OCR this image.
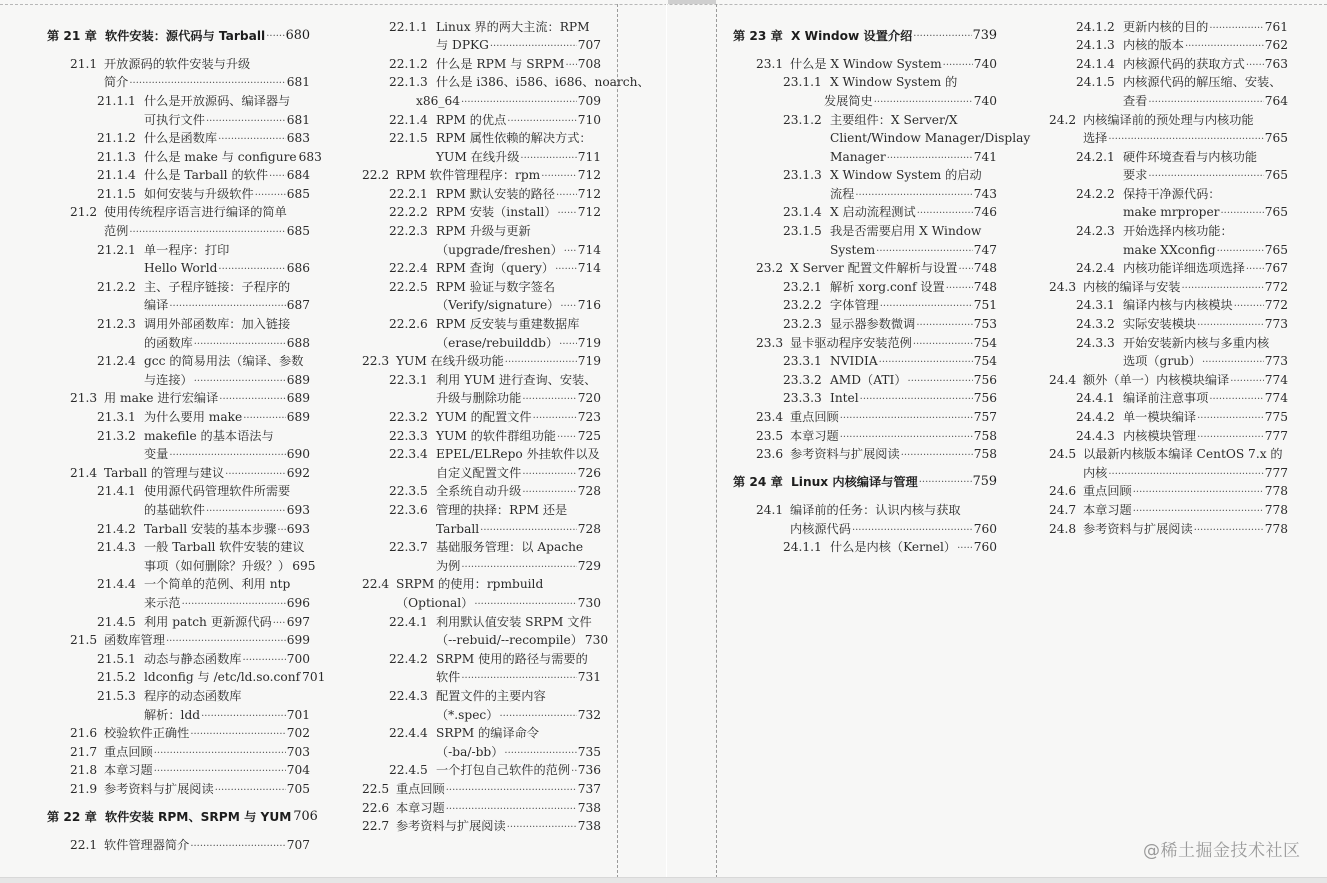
第 21 章 软件安装：源代码与 Tarball ····· 680
21.1 开放源码的软件安装与升级
简介 ·····	681
21.1.1 什么是开放源码、编译器与
可执行文件 ·····	681
21.1.2 什么是函数库 ·····	683
21.1.3 什么是 make 与 configure 683
21.1.4 什么是 Tarball 的软件 ····· 684
21.1.5 如何安装与升级软件 ·····	685
21.2 使用传统程序语言进行编译的简单
范例 ·····	685
21.2.1 单一程序：打印
Hello World ·····	686
21.2.2 主、子程序链接：子程序的
编译 ·····	687
21.2.3 调用外部函数库：加入链接
的函数库 ·····	688
21.2.4 gcc 的简易用法（编译、参数
与连接） ·····	689
21.3 用 make 进行宏编译 ·····	689
21.3.1 为什么要用 make ·····	689
21.3.2 makefile 的基本语法与
变量 ·····	690
21.4 Tarball 的管理与建议 ·····	692
21.4.1 使用源代码管理软件所需要
的基础软件 ·····	693
21.4.2 Tarball 安装的基本步骤 ····· 693
21.4.3 一般 Tarball 软件安装的建议
事项（如何删除？升级？） 695
21.4.4 一个简单的范例、利用 ntp
来示范 ·····	696
21.4.5 利用 patch 更新源代码 ····· 697
21.5 函数库管理 ·····	699
21.5.1 动态与静态函数库 ·····	700
21.5.2 ldconfig 与 /etc/ld.so.conf 701
21.5.3 程序的动态函数库
解析：ldd ·····	701
21.6 校验软件正确性 ·····	702
21.7 重点回顾 ·····	703
21.8 本章习题 ·····	704
21.9 参考资料与扩展阅读 ·····	705
第 22 章 软件安装 RPM、SRPM 与 YUM 706
22.1 软件管理器简介 ·····	707
22.1.1 Linux 界的两大主流：RPM
与 DPKG ·····	707
22.1.2 什么是 RPM 与 SRPM ····· 708
22.1.3 什么是 i386、i586、i686、noarch、
x86_64 ·····	709
22.1.4 RPM 的优点 ·····	710
22.1.5 RPM 属性依赖的解决方式：
YUM 在线升级 ·····	711
22.2 RPM 软件管理程序：rpm ·····	712
22.2.1 RPM 默认安装的路径 ····· 712
22.2.2 RPM 安装（install） ····· 712
22.2.3 RPM 升级与更新
（upgrade/freshen） ····· 714
22.2.4 RPM 查询（query） ····· 714
22.2.5 RPM 验证与数字签名
（Verify/signature） ····· 716
22.2.6 RPM 反安装与重建数据库
（erase/rebuilddb） ····· 719
22.3 YUM 在线升级功能 ·····	719
22.3.1 利用 YUM 进行查询、安装、
升级与删除功能 ·····	720
22.3.2 YUM 的配置文件 ·····	723
22.3.3 YUM 的软件群组功能 ····· 725
22.3.4 EPEL/ELRepo 外挂软件以及
自定义配置文件 ·····	726
22.3.5 全系统自动升级 ·····	728
22.3.6 管理的抉择：RPM 还是
Tarball ·····	728
22.3.7 基础服务管理：以 Apache
为例 ·····	729
22.4 SRPM 的使用：rpmbuild
（Optional） ·····	730
22.4.1 利用默认值安装 SRPM 文件
（--rebuid/--recompile） 730
22.4.2 SRPM 使用的路径与需要的
软件 ·····	731
22.4.3 配置文件的主要内容
（*.spec） ·····	732
22.4.4 SRPM 的编译命令
（-ba/-bb） ·····	735
22.4.5 一个打包自己软件的范例 ····· 736
22.5 重点回顾 ·····	737
22.6 本章习题 ·····	738
22.7 参考资料与扩展阅读 ·····	738
第 23 章 X Window 设置介绍 ·····	739
23.1 什么是 X Window System ·····	740
23.1.1 X Window System 的
发展简史 ·····	740
23.1.2 主要组件：X Server/X
Client/Window Manager/Display
Manager ·····	741
23.1.3 X Window System 的启动
流程 ·····	743
23.1.4 X 启动流程测试 ·····	746
23.1.5 我是否需要启用 X Window
System ·····	747
23.2 X Server 配置文件解析与设置 ····· 748
23.2.1 解析 xorg.conf 设置 ····· 748
23.2.2 字体管理 ·····	751
23.2.3 显示器参数微调 ·····	753
23.3 显卡驱动程序安装范例 ·····	754
23.3.1 NVIDIA ·····	754
23.3.2 AMD（ATI） ·····	756
23.3.3 Intel ·····	756
23.4 重点回顾 ·····	757
23.5 本章习题 ·····	758
23.6 参考资料与扩展阅读 ·····	758
第 24 章 Linux 内核编译与管理 ·····	759
24.1 编译前的任务：认识内核与获取
内核源代码 ·····	760
24.1.1 什么是内核（Kernel） ····· 760
24.1.2 更新内核的目的 ·····	761
24.1.3 内核的版本 ·····	762
24.1.4 内核源代码的获取方式 ····· 763
24.1.5 内核源代码的解压缩、安装、
查看 ·····	764
24.2 内核编译前的预处理与内核功能
选择 ·····	765
24.2.1 硬件环境查看与内核功能
要求 ·····	765
24.2.2 保持干净源代码：
make mrproper ·····	765
24.2.3 开始选择内核功能：
make XXconfig ·····	765
24.2.4 内核功能详细选项选择 ····· 767
24.3 内核的编译与安装 ·····	772
24.3.1 编译内核与内核模块 ·····	772
24.3.2 实际安装模块 ·····	773
24.3.3 开始安装新内核与多重内核
选项（grub） ·····	773
24.4 额外（单一）内核模块编译 ·····	774
24.4.1 编译前注意事项 ·····	774
24.4.2 单一模块编译 ·····	775
24.4.3 内核模块管理 ·····	777
24.5 以最新内核版本编译 CentOS 7.x 的
内核 ·····	777
24.6 重点回顾 ·····	778
24.7 本章习题 ·····	778
24.8 参考资料与扩展阅读 ·····	778
@稀土掘金技术社区
